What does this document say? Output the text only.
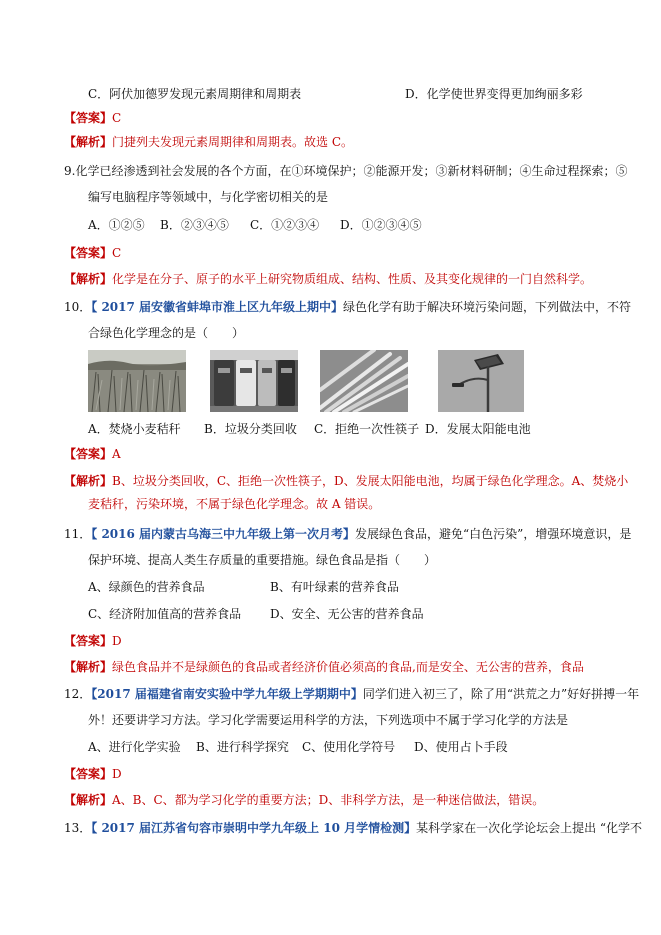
C．阿伏加德罗发现元素周期律和周期表	D．化学使世界变得更加绚丽多彩
【答案】C
【解析】门捷列夫发现元素周期律和周期表。故选 C。
9.化学已经渗透到社会发展的各个方面，在①环境保护；②能源开发；③新材料研制；④生命过程探索；⑤
编写电脑程序等领域中，与化学密切相关的是
A．①②⑤ B．②③④⑤ C．①②③④ D．①②③④⑤
【答案】C
【解析】化学是在分子、原子的水平上研究物质组成、结构、性质、及其变化规律的一门自然科学。
10．【 2017 届安徽省蚌埠市淮上区九年级上期中】绿色化学有助于解决环境污染问题，下列做法中，不符
合绿色化学理念的是（　　）
A．焚烧小麦秸秆 B．垃圾分类回收 C．拒绝一次性筷子 D．发展太阳能电池
【答案】A
【解析】B、垃圾分类回收，C、拒绝一次性筷子，D、发展太阳能电池，均属于绿色化学理念。A、焚烧小
麦秸秆，污染环境，不属于绿色化学理念。故 A 错误。
11．【 2016 届内蒙古乌海三中九年级上第一次月考】发展绿色食品，避免“白色污染”，增强环境意识，是
保护环境、提高人类生存质量的重要措施。绿色食品是指（　　）
A、绿颜色的营养食品	B、有叶绿素的营养食品
C、经济附加值高的营养食品 D、安全、无公害的营养食品
【答案】D
【解析】绿色食品并不是绿颜色的食品或者经济价值必须高的食品,而是安全、无公害的营养，食品
12．【2017 届福建省南安实验中学九年级上学期期中】同学们进入初三了，除了用“洪荒之力”好好拼搏一年
外！还要讲学习方法。学习化学需要运用科学的方法，下列选项中不属于学习化学的方法是
A、进行化学实验 B、进行科学探究 C、使用化学符号 D、使用占卜手段
【答案】D
【解析】A、B、C、都为学习化学的重要方法；D、非科学方法，是一种迷信做法，错误。
13．【 2017 届江苏省句容市崇明中学九年级上 10 月学情检测】某科学家在一次化学论坛会上提出 “化学不
